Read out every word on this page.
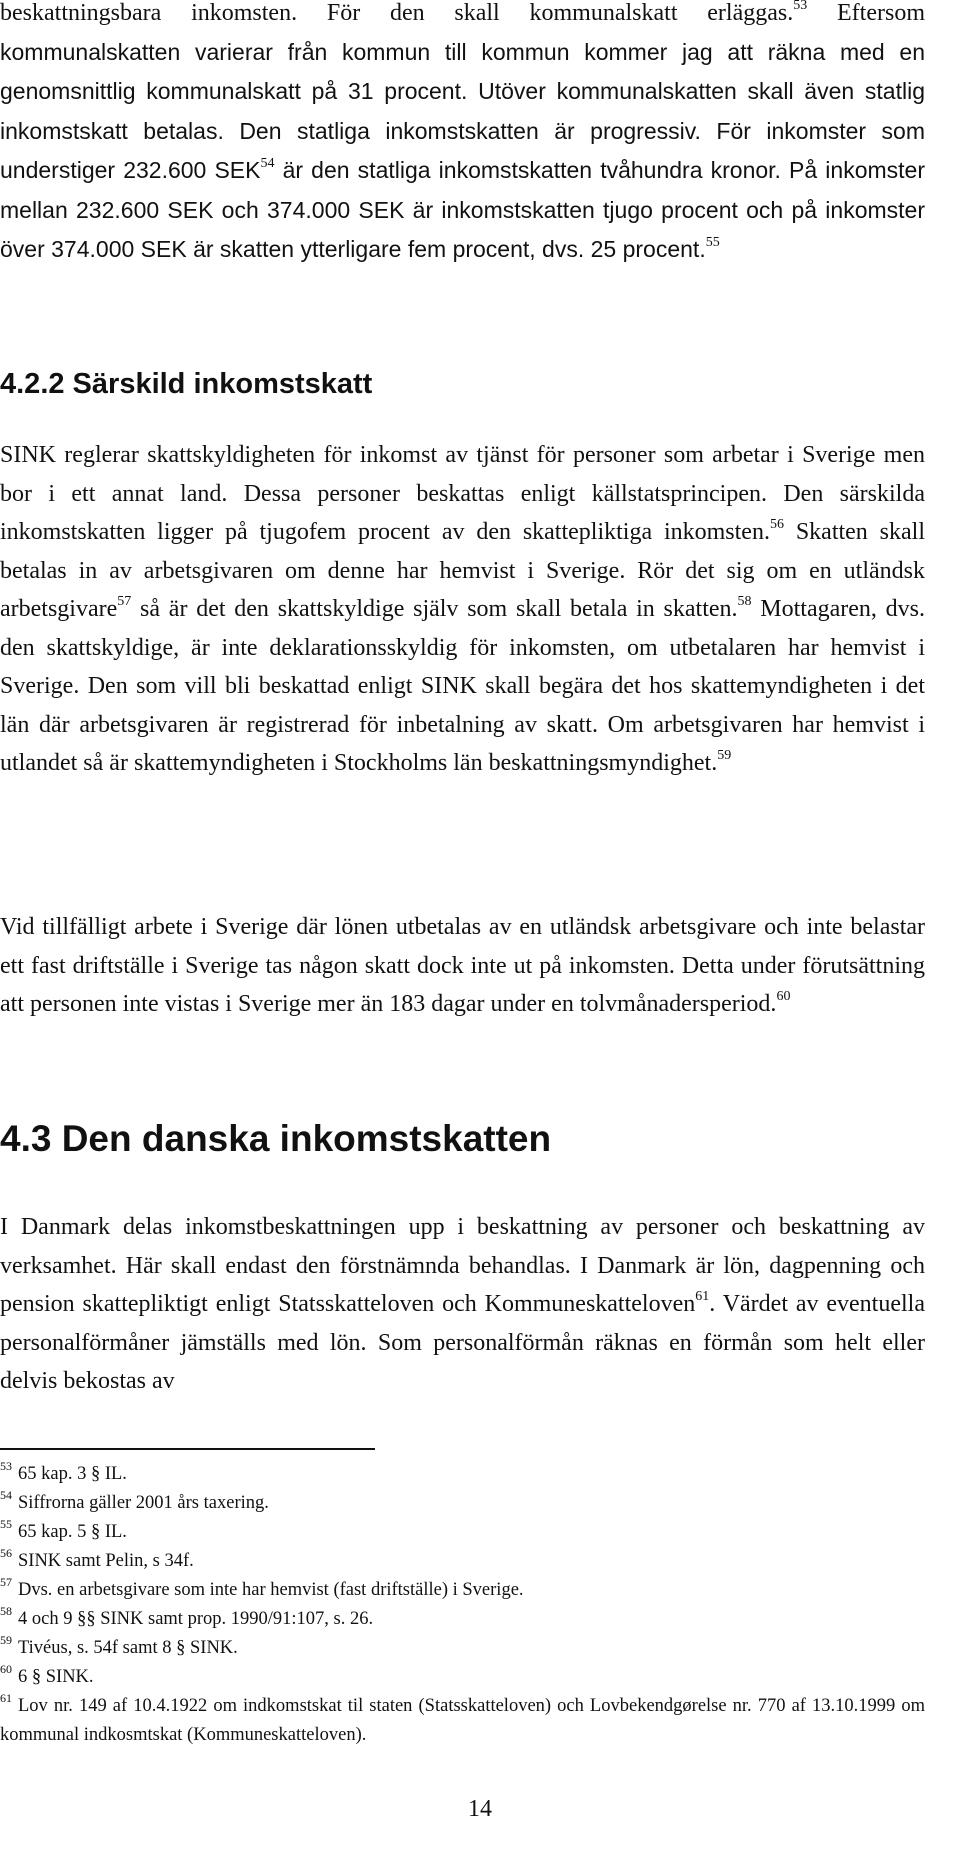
beskattningsbara inkomsten. För den skall kommunalskatt erläggas.$^{53}$ Eftersom kommunalskatten varierar från kommun till kommun kommer jag att räkna med en genomsnittlig kommunalskatt på 31 procent. Utöver kommunalskatten skall även statlig inkomstskatt betalas. Den statliga inkomstskatten är progressiv. För inkomster som understiger 232.600 SEK$^{54}$ är den statliga inkomstskatten tvåhundra kronor. På inkomster mellan 232.600 SEK och 374.000 SEK är inkomstskatten tjugo procent och på inkomster över 374.000 SEK är skatten ytterligare fem procent, dvs. 25 procent.$^{55}$

4.2.2 Särskild inkomstskatt

SINK reglerar skattskyldigheten för inkomst av tjänst för personer som arbetar i Sverige men bor i ett annat land. Dessa personer beskattas enligt källstatsprincipen. Den särskilda inkomstskatten ligger på tjugofem procent av den skattepliktiga inkomsten.$^{56}$ Skatten skall betalas in av arbetsgivaren om denne har hemvist i Sverige. Rör det sig om en utländsk arbetsgivare$^{57}$ så är det den skattskyldige själv som skall betala in skatten.$^{58}$ Mottagaren, dvs. den skattskyldige, är inte deklarationsskyldig för inkomsten, om utbetalaren har hemvist i Sverige. Den som vill bli beskattad enligt SINK skall begära det hos skattemyndigheten i det län där arbetsgivaren är registrerad för inbetalning av skatt. Om arbetsgivaren har hemvist i utlandet så är skattemyndigheten i Stockholms län beskattningsmyndighet.$^{59}$

Vid tillfälligt arbete i Sverige där lönen utbetalas av en utländsk arbetsgivare och inte belastar ett fast driftställe i Sverige tas någon skatt dock inte ut på inkomsten. Detta under förutsättning att personen inte vistas i Sverige mer än 183 dagar under en tolvmånadersperiod.$^{60}$

4.3 Den danska inkomstskatten

I Danmark delas inkomstbeskattningen upp i beskattning av personer och beskattning av verksamhet. Här skall endast den förstnämnda behandlas. I Danmark är lön, dagpenning och pension skattepliktigt enligt Statsskatteloven och Kommuneskatteloven$^{61}$. Värdet av eventuella personalförmåner jämställs med lön. Som personalförmån räknas en förmån som helt eller delvis bekostas av

$^{53}$ 65 kap. 3 § IL.

$^{54}$ Siffrorna gäller 2001 års taxering.

$^{55}$ 65 kap. 5 § IL.

$^{56}$ SINK samt Pelin, s 34f.

$^{57}$ Dvs. en arbetsgivare som inte har hemvist (fast driftställe) i Sverige.

$^{58}$ 4 och 9 §§ SINK samt prop. 1990/91:107, s. 26.

$^{59}$ Tivéus, s. 54f samt 8 § SINK.

$^{60}$ 6 § SINK.

$^{61}$ Lov nr. 149 af 10.4.1922 om indkomstskat til staten (Statsskatteloven) och Lovbekendgørelse nr. 770 af 13.10.1999 om kommunal indkosmtskat (Kommuneskatteloven).

14
